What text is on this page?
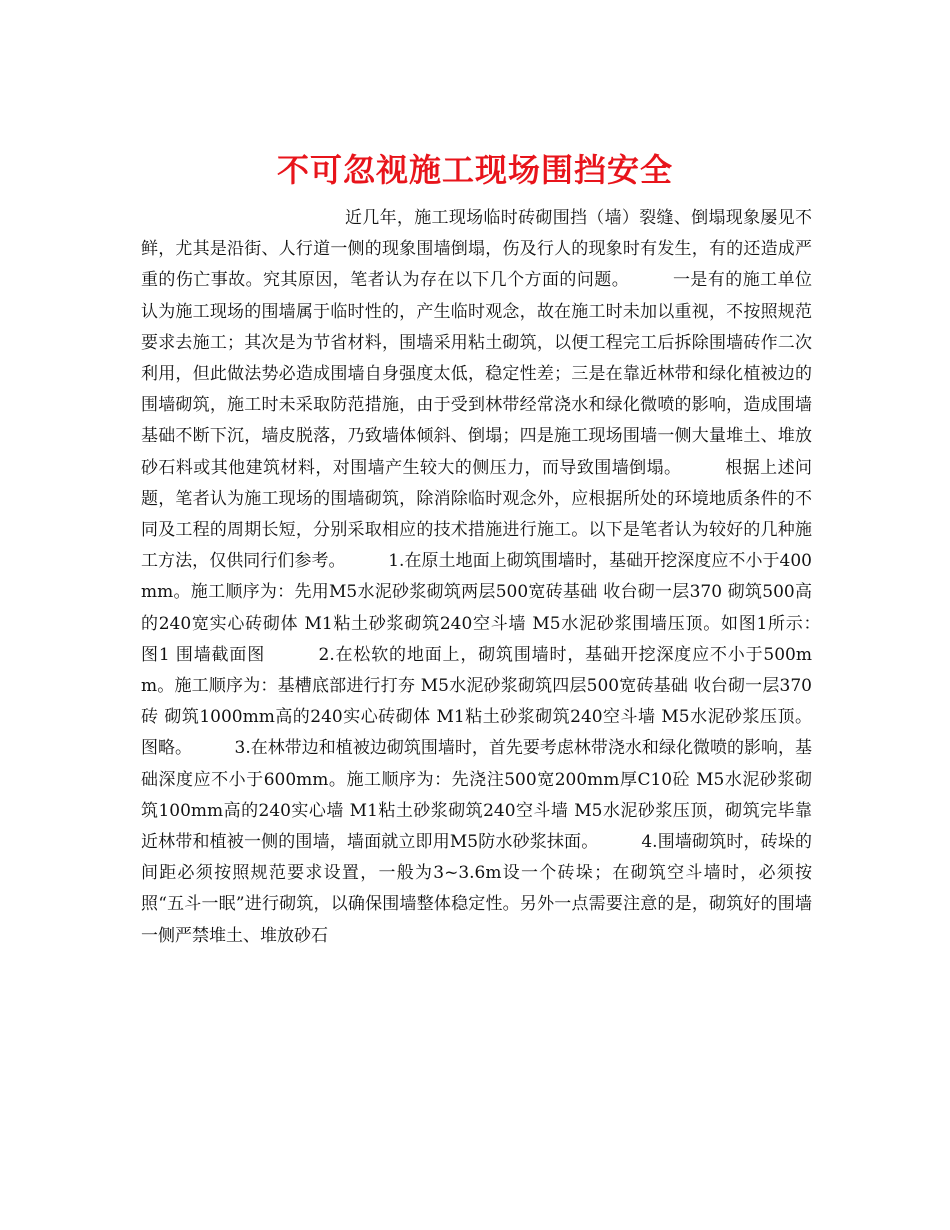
不可忽视施工现场围挡安全
近几年，施工现场临时砖砌围挡（墙）裂缝、倒塌现象屡见不鲜，尤其是沿街、人行道一侧的现象围墙倒塌，伤及行人的现象时有发生，有的还造成严重的伤亡事故。究其原因，笔者认为存在以下几个方面的问题。　　　一是有的施工单位认为施工现场的围墙属于临时性的，产生临时观念，故在施工时未加以重视，不按照规范要求去施工；其次是为节省材料，围墙采用粘土砌筑，以便工程完工后拆除围墙砖作二次利用，但此做法势必造成围墙自身强度太低，稳定性差；三是在靠近林带和绿化植被边的围墙砌筑，施工时未采取防范措施，由于受到林带经常浇水和绿化微喷的影响，造成围墙基础不断下沉，墙皮脱落，乃致墙体倾斜、倒塌；四是施工现场围墙一侧大量堆土、堆放砂石料或其他建筑材料，对围墙产生较大的侧压力，而导致围墙倒塌。　　　根据上述问题，笔者认为施工现场的围墙砌筑，除消除临时观念外，应根据所处的环境地质条件的不同及工程的周期长短，分别采取相应的技术措施进行施工。以下是笔者认为较好的几种施工方法，仅供同行们参考。　　　1.在原土地面上砌筑围墙时，基础开挖深度应不小于400mm。施工顺序为：先用M5水泥砂浆砌筑两层500宽砖基础 收台砌一层370 砌筑500高的240宽实心砖砌体 M1粘土砂浆砌筑240空斗墙 M5水泥砂浆围墙压顶。如图1所示：　　　　　　　图1 围墙截面图　　　2.在松软的地面上，砌筑围墙时，基础开挖深度应不小于500mm。施工顺序为：基槽底部进行打夯 M5水泥砂浆砌筑四层500宽砖基础 收台砌一层370砖 砌筑1000mm高的240实心砖砌体 M1粘土砂浆砌筑240空斗墙 M5水泥砂浆压顶。图略。　　　3.在林带边和植被边砌筑围墙时，首先要考虑林带浇水和绿化微喷的影响，基础深度应不小于600mm。施工顺序为：先浇注500宽200mm厚C10砼 M5水泥砂浆砌筑100mm高的240实心墙 M1粘土砂浆砌筑240空斗墙 M5水泥砂浆压顶，砌筑完毕靠近林带和植被一侧的围墙，墙面就立即用M5防水砂浆抹面。　　　4.围墙砌筑时，砖垛的间距必须按照规范要求设置，一般为3~3.6m设一个砖垛；在砌筑空斗墙时，必须按照“五斗一眠”进行砌筑，以确保围墙整体稳定性。另外一点需要注意的是，砌筑好的围墙一侧严禁堆土、堆放砂石
